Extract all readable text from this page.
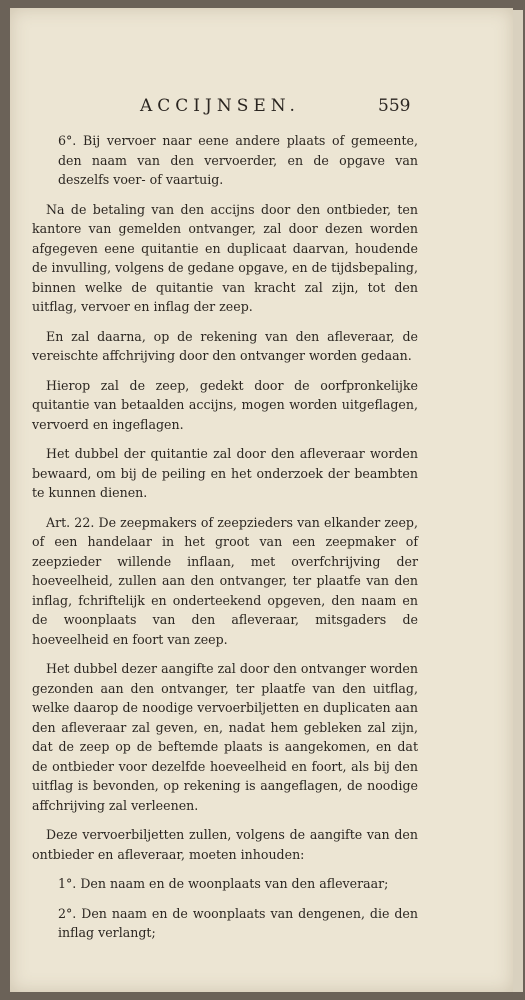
ACCIJNSEN.	559

6°. Bij vervoer naar eene andere plaats of gemeente, den naam van den vervoerder, en de opgave van deszelfs voer- of vaartuig.

Na de betaling van den accijns door den ontbieder, ten kantore van gemelden ontvanger, zal door dezen worden afgegeven eene quitantie en duplicaat daarvan, houdende de invulling, volgens de gedane opgave, en de tijdsbepaling, binnen welke de quitantie van kracht zal zijn, tot den uitflag, vervoer en inflag der zeep.

En zal daarna, op de rekening van den afleveraar, de vereischte affchrijving door den ontvanger worden gedaan.

Hierop zal de zeep, gedekt door de oorfpronkelijke quitantie van betaalden accijns, mogen worden uitgeflagen, vervoerd en ingeflagen.

Het dubbel der quitantie zal door den afleveraar worden bewaard, om bij de peiling en het onderzoek der beambten te kunnen dienen.

Art. 22. De zeepmakers of zeepzieders van elkander zeep, of een handelaar in het groot van een zeepmaker of zeepzieder willende inflaan, met overfchrijving der hoeveelheid, zullen aan den ontvanger, ter plaatfe van den inflag, fchriftelijk en onderteekend opgeven, den naam en de woonplaats van den afleveraar, mitsgaders de hoeveelheid en foort van zeep.

Het dubbel dezer aangifte zal door den ontvanger worden gezonden aan den ontvanger, ter plaatfe van den uitflag, welke daarop de noodige vervoerbiljetten en duplicaten aan den afleveraar zal geven, en, nadat hem gebleken zal zijn, dat de zeep op de beftemde plaats is aangekomen, en dat de ontbieder voor dezelfde hoeveelheid en foort, als bij den uitflag is bevonden, op rekening is aangeflagen, de noodige affchrijving zal verleenen.

Deze vervoerbiljetten zullen, volgens de aangifte van den ontbieder en afleveraar, moeten inhouden:

1°. Den naam en de woonplaats van den afleveraar;

2°. Den naam en de woonplaats van dengenen, die den inflag verlangt;
